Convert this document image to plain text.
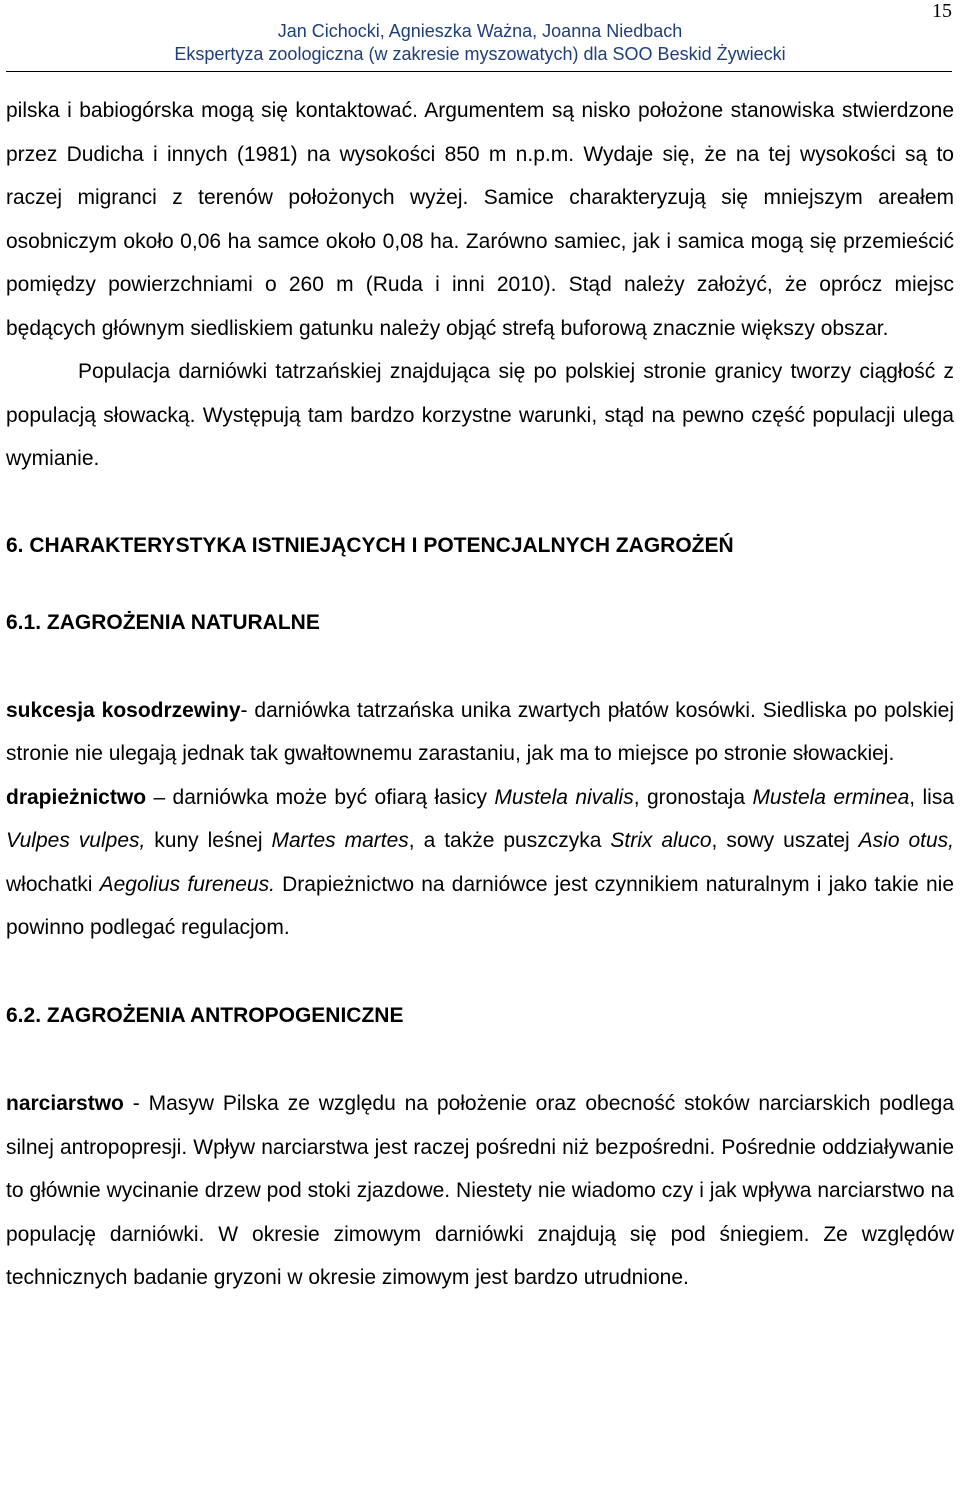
15
Jan Cichocki, Agnieszka Ważna, Joanna Niedbach
Ekspertyza zoologiczna (w zakresie myszowatych) dla SOO Beskid Żywiecki

pilska i babiogórska mogą się kontaktować. Argumentem są nisko położone stanowiska stwierdzone przez Dudicha i innych (1981) na wysokości 850 m n.p.m. Wydaje się, że na tej wysokości są to raczej migranci z terenów położonych wyżej. Samice charakteryzują się mniejszym areałem osobniczym około 0,06 ha samce około 0,08 ha. Zarówno samiec, jak i samica mogą się przemieścić pomiędzy powierzchniami o 260 m (Ruda i inni 2010). Stąd należy założyć, że oprócz miejsc będących głównym siedliskiem gatunku należy objąć strefą buforową znacznie większy obszar.

Populacja darniówki tatrzańskiej znajdująca się po polskiej stronie granicy tworzy ciągłość z populacją słowacką. Występują tam bardzo korzystne warunki, stąd na pewno część populacji ulega wymianie.

6. CHARAKTERYSTYKA ISTNIEJĄCYCH I POTENCJALNYCH ZAGROŻEŃ
6.1. ZAGROŻENIA NATURALNE

sukcesja kosodrzewiny- darniówka tatrzańska unika zwartych płatów kosówki. Siedliska po polskiej stronie nie ulegają jednak tak gwałtownemu zarastaniu, jak ma to miejsce po stronie słowackiej.

drapieżnictwo – darniówka może być ofiarą łasicy Mustela nivalis, gronostaja Mustela erminea, lisa Vulpes vulpes, kuny leśnej Martes martes, a także puszczyka Strix aluco, sowy uszatej Asio otus, włochatki Aegolius fureneus. Drapieżnictwo na darniówce jest czynnikiem naturalnym i jako takie nie powinno podlegać regulacjom.

6.2. ZAGROŻENIA ANTROPOGENICZNE

narciarstwo - Masyw Pilska ze względu na położenie oraz obecność stoków narciarskich podlega silnej antropopresji. Wpływ narciarstwa jest raczej pośredni niż bezpośredni. Pośrednie oddziaływanie to głównie wycinanie drzew pod stoki zjazdowe. Niestety nie wiadomo czy i jak wpływa narciarstwo na populację darniówki. W okresie zimowym darniówki znajdują się pod śniegiem. Ze względów technicznych badanie gryzoni w okresie zimowym jest bardzo utrudnione.
